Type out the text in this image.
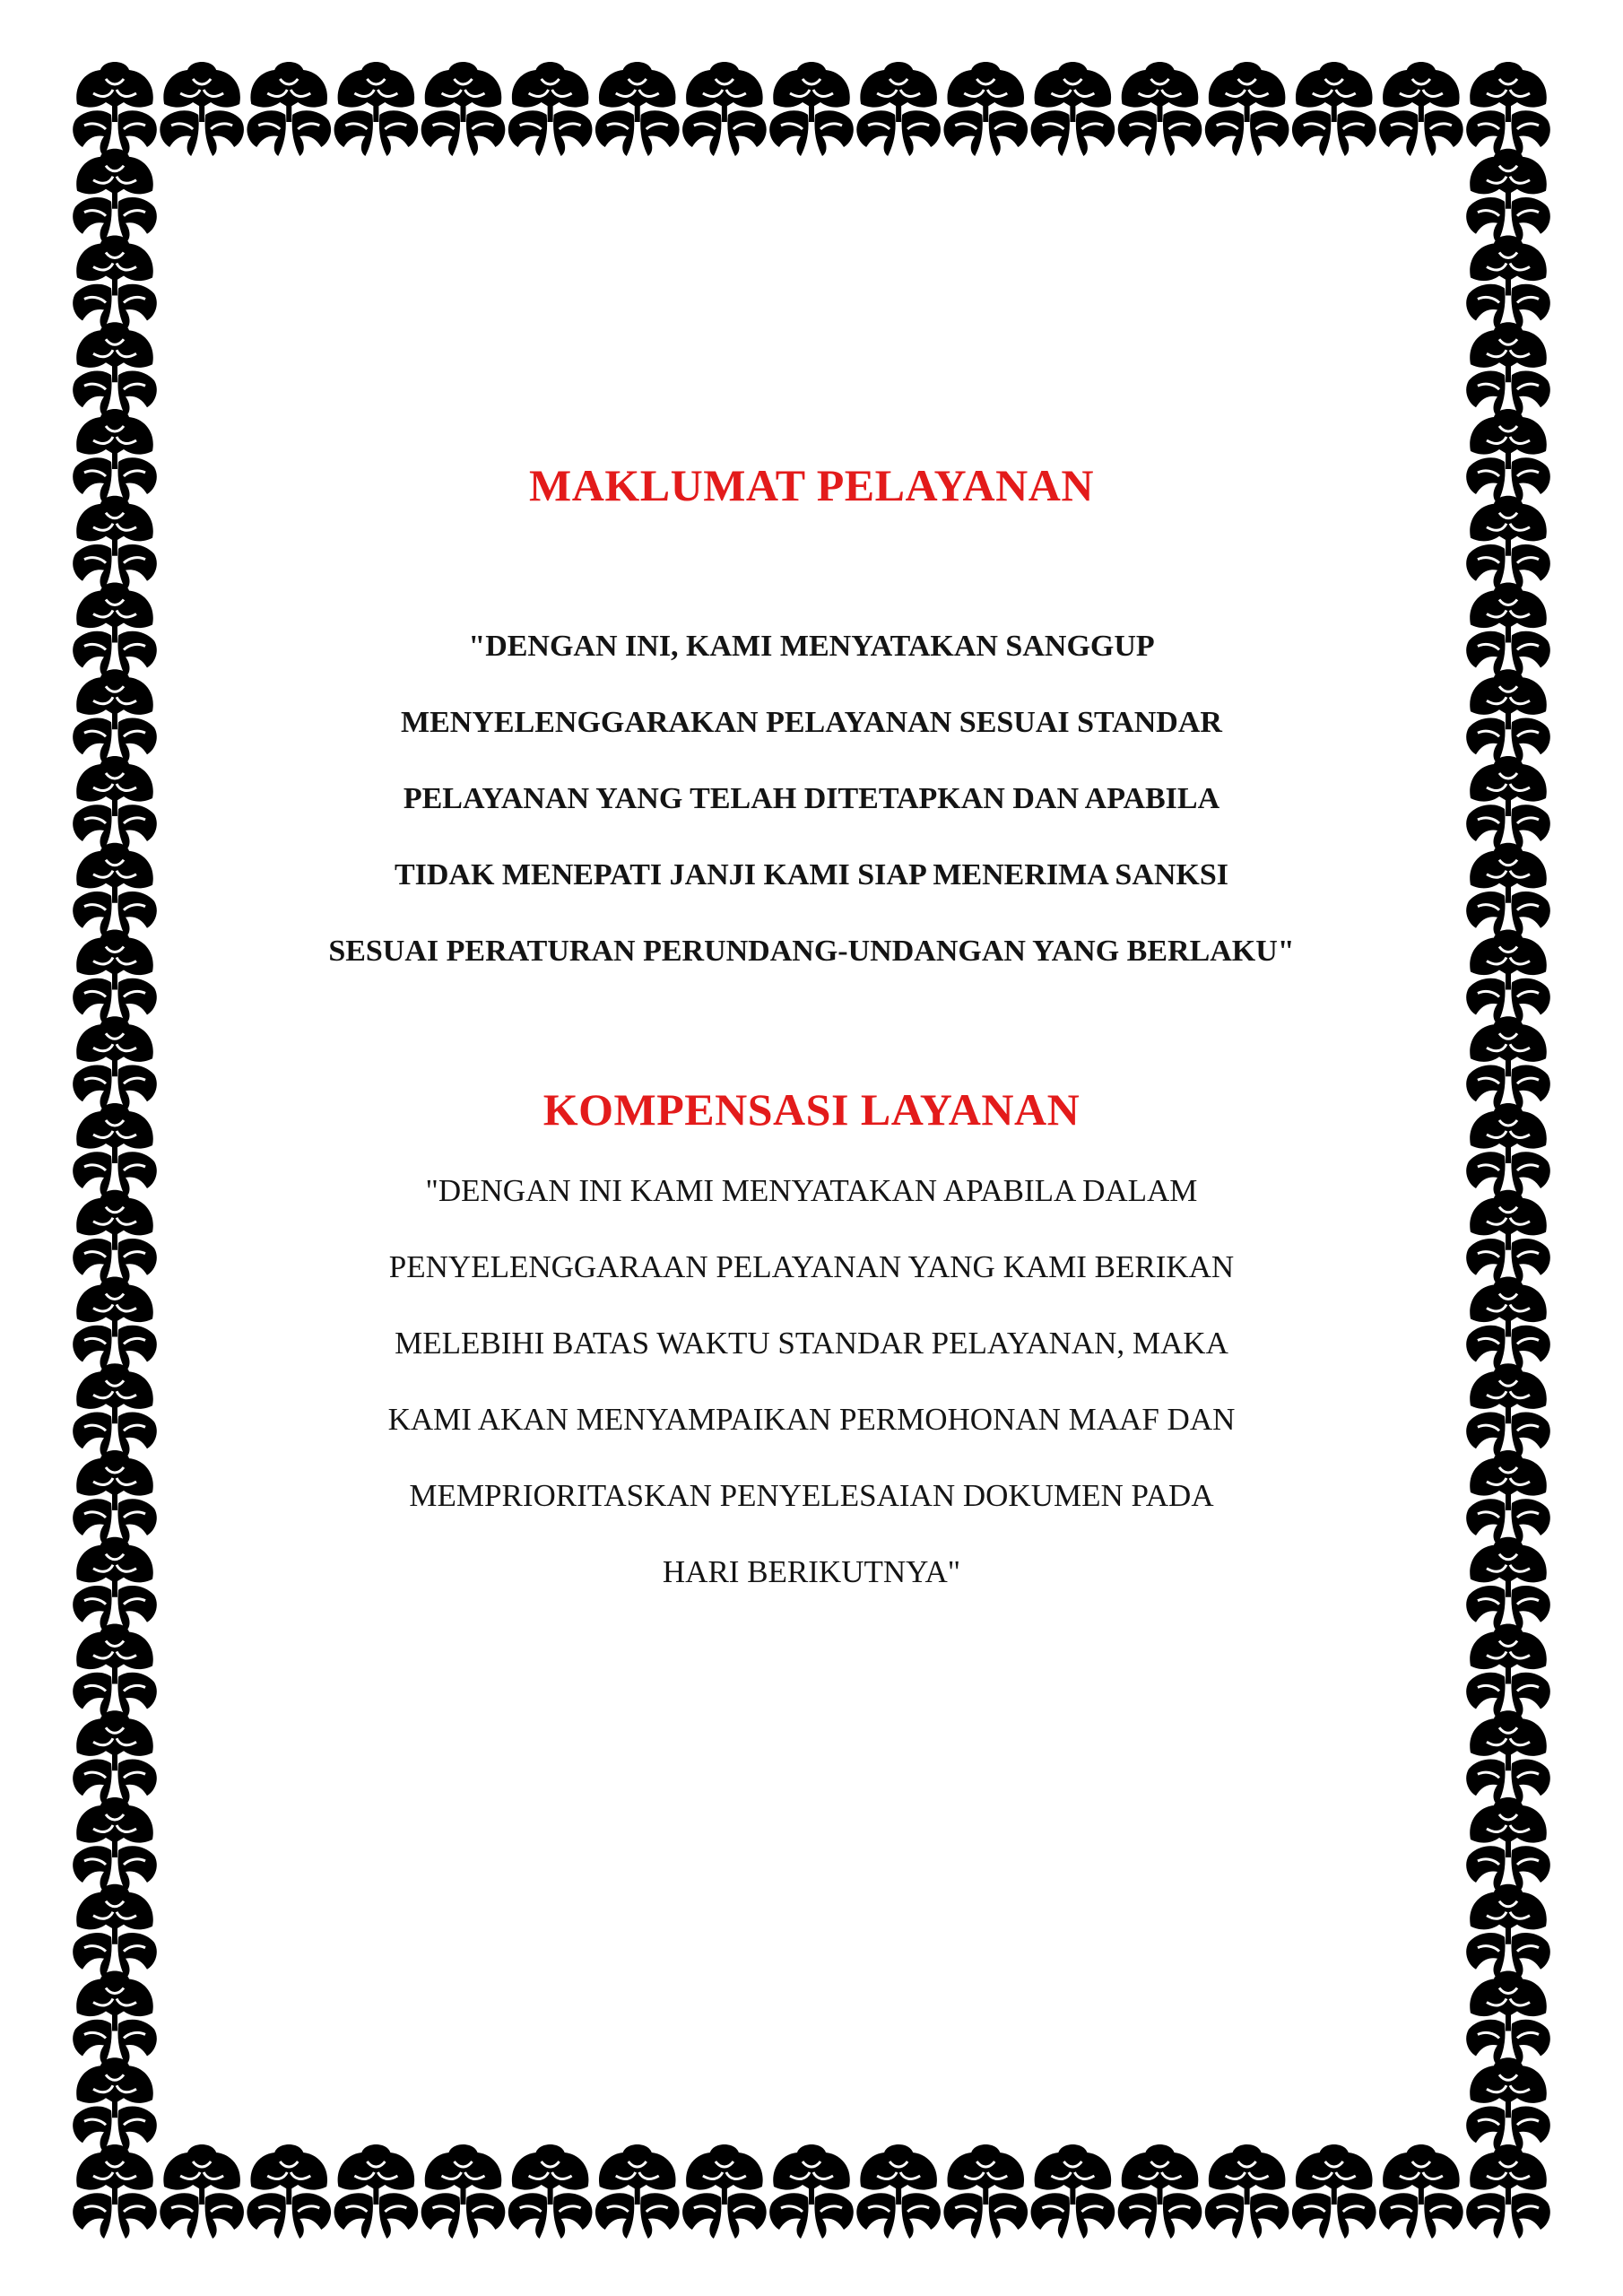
MAKLUMAT PELAYANAN

"DENGAN INI, KAMI MENYATAKAN SANGGUP

MENYELENGGARAKAN PELAYANAN SESUAI STANDAR

PELAYANAN YANG TELAH DITETAPKAN DAN APABILA

TIDAK MENEPATI JANJI KAMI SIAP MENERIMA SANKSI

SESUAI PERATURAN PERUNDANG-UNDANGAN YANG BERLAKU"

KOMPENSASI LAYANAN

"DENGAN INI KAMI MENYATAKAN APABILA DALAM

PENYELENGGARAAN PELAYANAN YANG KAMI BERIKAN

MELEBIHI BATAS WAKTU STANDAR PELAYANAN, MAKA

KAMI AKAN MENYAMPAIKAN PERMOHONAN MAAF DAN

MEMPRIORITASKAN PENYELESAIAN DOKUMEN PADA

HARI BERIKUTNYA"
